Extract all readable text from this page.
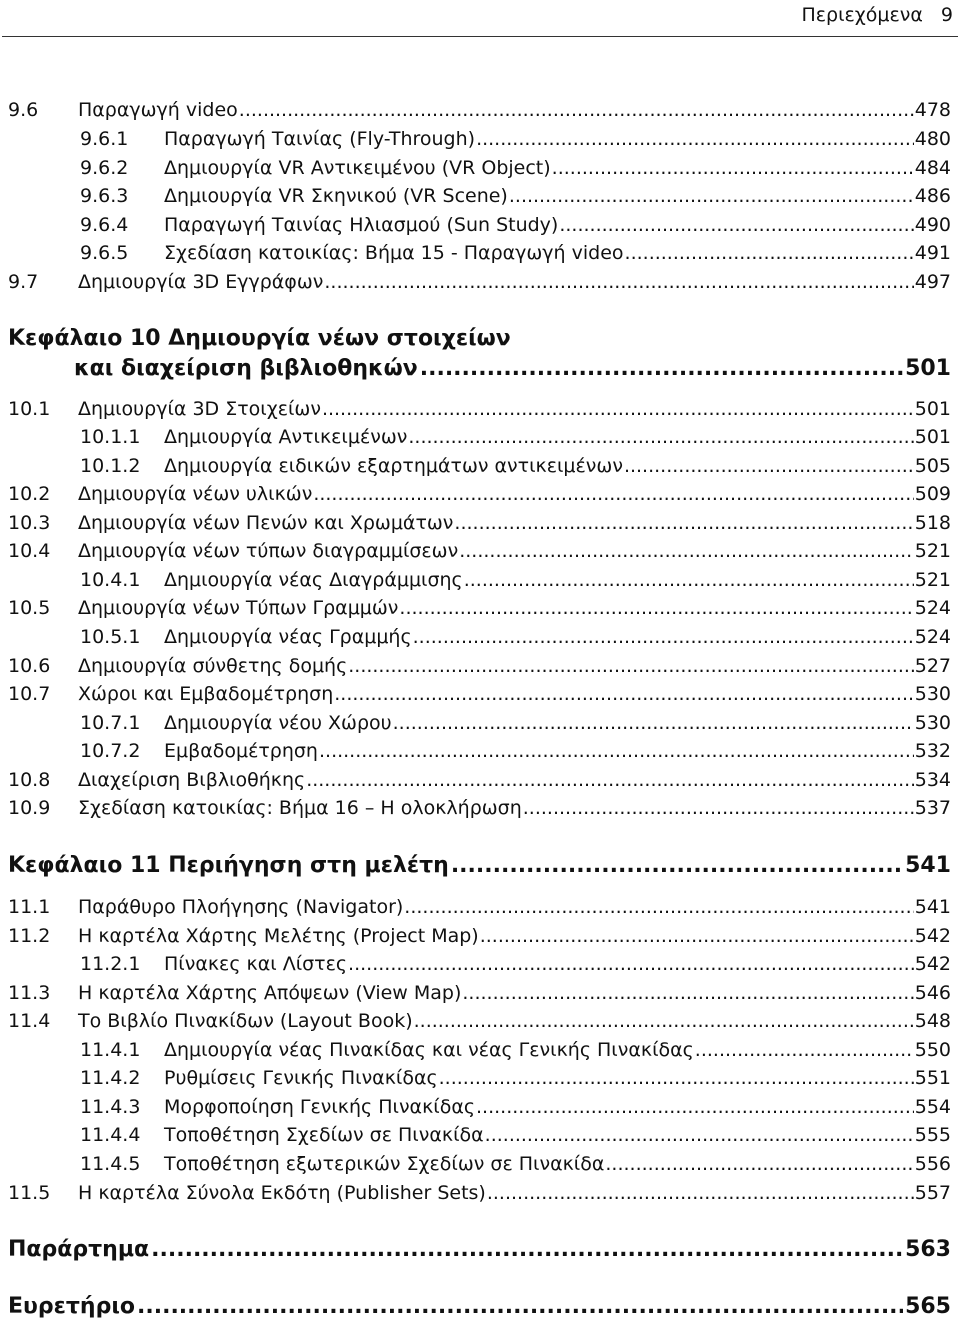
Περιεχόμενα 9
9.6	Παραγωγή video .....	478
9.6.1	Παραγωγή Ταινίας (Fly-Through) .....	480
9.6.2	Δημιουργία VR Αντικειμένου (VR Object) .....	484
9.6.3	Δημιουργία VR Σκηνικού (VR Scene) .....	486
9.6.4	Παραγωγή Ταινίας Ηλιασμού (Sun Study) .....	490
9.6.5	Σχεδίαση κατοικίας: Βήμα 15 - Παραγωγή video .....	491
9.7	Δημιουργία 3D Εγγράφων .....	497
Κεφάλαιο 10 Δημιουργία νέων στοιχείων
και διαχείριση βιβλιοθηκών .....	501
10.1	Δημιουργία 3D Στοιχείων .....	501
10.1.1	Δημιουργία Αντικειμένων .....	501
10.1.2	Δημιουργία ειδικών εξαρτημάτων αντικειμένων .....	505
10.2	Δημιουργία νέων υλικών .....	509
10.3	Δημιουργία νέων Πενών και Χρωμάτων .....	518
10.4	Δημιουργία νέων τύπων διαγραμμίσεων .....	521
10.4.1	Δημιουργία νέας Διαγράμμισης .....	521
10.5	Δημιουργία νέων Τύπων Γραμμών .....	524
10.5.1	Δημιουργία νέας Γραμμής .....	524
10.6	Δημιουργία σύνθετης δομής .....	527
10.7	Χώροι και Εμβαδομέτρηση .....	530
10.7.1	Δημιουργία νέου Χώρου .....	530
10.7.2	Εμβαδομέτρηση .....	532
10.8	Διαχείριση Βιβλιοθήκης .....	534
10.9	Σχεδίαση κατοικίας: Βήμα 16 – Η ολοκλήρωση .....	537
Κεφάλαιο 11 Περιήγηση στη μελέτη .....	541
11.1	Παράθυρο Πλοήγησης (Navigator) .....	541
11.2	Η καρτέλα Χάρτης Μελέτης (Project Map) .....	542
11.2.1	Πίνακες και Λίστες .....	542
11.3	Η καρτέλα Χάρτης Απόψεων (View Map) .....	546
11.4	Το Βιβλίο Πινακίδων (Layout Book) .....	548
11.4.1	Δημιουργία νέας Πινακίδας και νέας Γενικής Πινακίδας .....	550
11.4.2	Ρυθμίσεις Γενικής Πινακίδας .....	551
11.4.3	Μορφοποίηση Γενικής Πινακίδας .....	554
11.4.4	Τοποθέτηση Σχεδίων σε Πινακίδα .....	555
11.4.5	Τοποθέτηση εξωτερικών Σχεδίων σε Πινακίδα .....	556
11.5	Η καρτέλα Σύνολα Εκδότη (Publisher Sets) .....	557
Παράρτημα .....	563
Ευρετήριο .....	565
